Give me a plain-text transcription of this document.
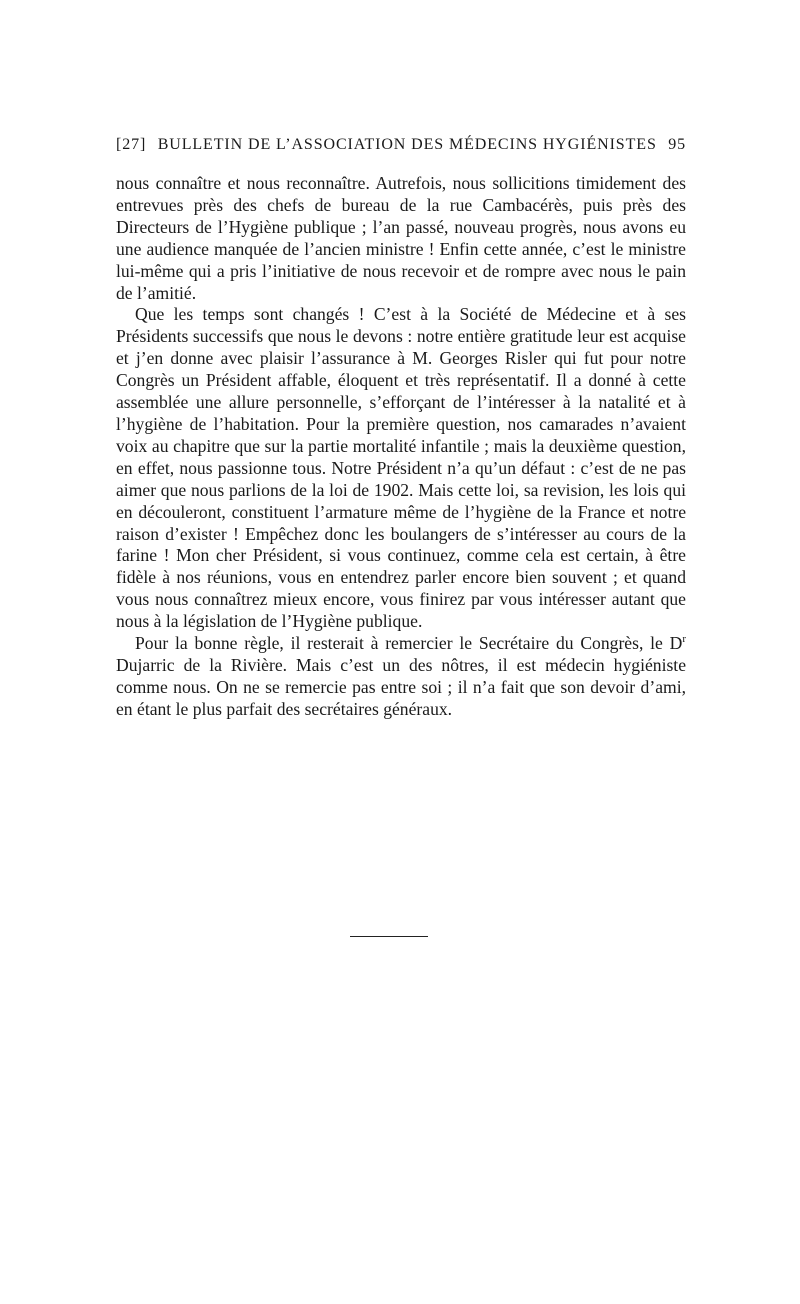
[27] BULLETIN DE L’ASSOCIATION DES MÉDECINS HYGIÉNISTES 95

nous connaître et nous reconnaître. Autrefois, nous sollicitions timidement des entrevues près des chefs de bureau de la rue Cambacérès, puis près des Directeurs de l’Hygiène publique ; l’an passé, nouveau progrès, nous avons eu une audience manquée de l’ancien ministre ! Enfin cette année, c’est le ministre lui-même qui a pris l’initiative de nous recevoir et de rompre avec nous le pain de l’amitié.

Que les temps sont changés ! C’est à la Société de Médecine et à ses Présidents successifs que nous le devons : notre entière gratitude leur est acquise et j’en donne avec plaisir l’assurance à M. Georges Risler qui fut pour notre Congrès un Président affable, éloquent et très représentatif. Il a donné à cette assemblée une allure personnelle, s’efforçant de l’intéresser à la natalité et à l’hygiène de l’habitation. Pour la première question, nos camarades n’avaient voix au chapitre que sur la partie mortalité infantile ; mais la deuxième question, en effet, nous passionne tous. Notre Président n’a qu’un défaut : c’est de ne pas aimer que nous parlions de la loi de 1902. Mais cette loi, sa revision, les lois qui en découleront, constituent l’armature même de l’hygiène de la France et notre raison d’exister ! Empêchez donc les boulangers de s’intéresser au cours de la farine ! Mon cher Président, si vous continuez, comme cela est certain, à être fidèle à nos réunions, vous en entendrez parler encore bien souvent ; et quand vous nous connaîtrez mieux encore, vous finirez par vous intéresser autant que nous à la législation de l’Hygiène publique.

Pour la bonne règle, il resterait à remercier le Secrétaire du Congrès, le $D^r$ Dujarric de la Rivière. Mais c’est un des nôtres, il est médecin hygiéniste comme nous. On ne se remercie pas entre soi ; il n’a fait que son devoir d’ami, en étant le plus parfait des secrétaires généraux.
